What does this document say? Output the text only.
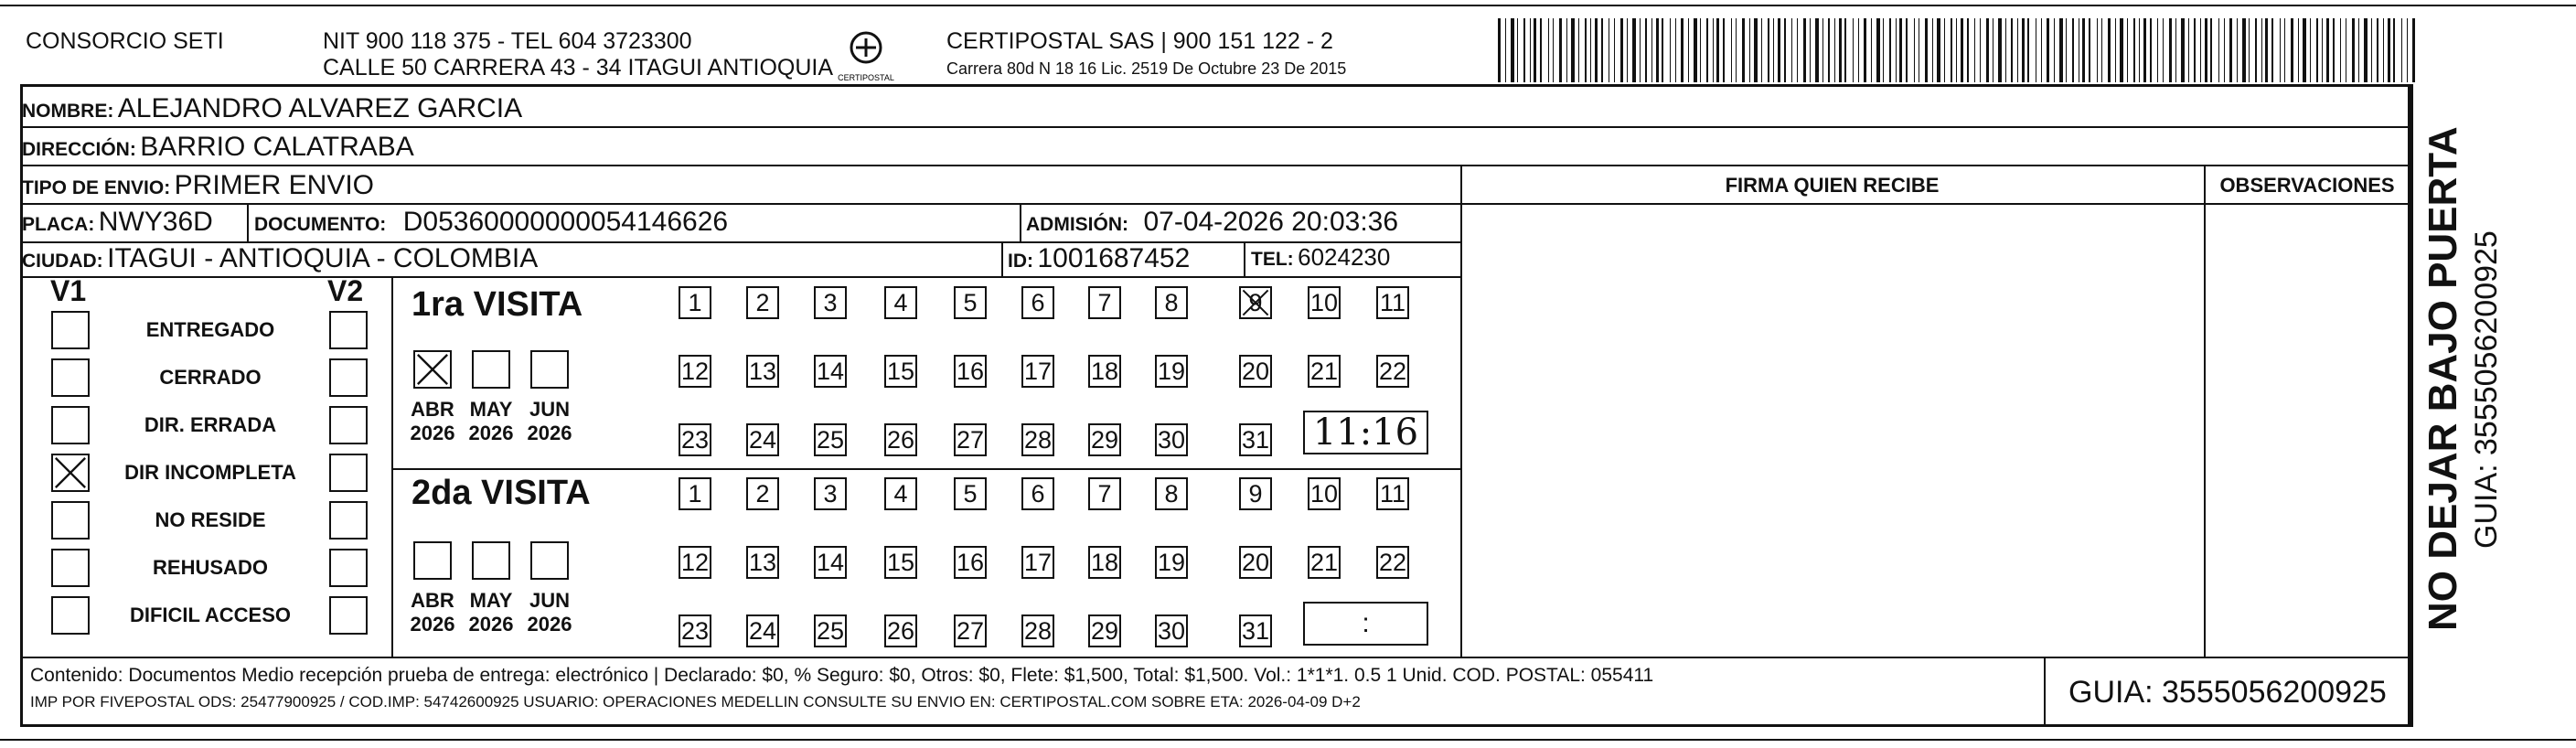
CONSORCIO SETI	NIT 900 118 375 - TEL 604 3723300
CALLE 50 CARRERA 43 - 34 ITAGUI ANTIOQUIA CERTIPOSTAL
CERTIPOSTAL SAS | 900 151 122 - 2
Carrera 80d N 18 16 Lic. 2519 De Octubre 23 De 2015
NOMBRE: ALEJANDRO ALVAREZ GARCIA
DIRECCIÓN: BARRIO CALATRABA
TIPO DE ENVIO: PRIMER ENVIO	FIRMA QUIEN RECIBE	OBSERVACIONES
PLACA: NWY36D DOCUMENTO: D05360000000054146626	ADMISIÓN: 07-04-2026 20:03:36
CIUDAD: ITAGUI - ANTIOQUIA - COLOMBIA	ID: 1001687452	TEL: 6024230
V1	V2
ENTREGADO
CERRADO
DIR. ERRADA
DIR INCOMPLETA
NO RESIDE
REHUSADO
DIFICIL ACCESO
1ra VISITA
ABR
2026
MAY
2026
JUN
2026
1	2	3	4	5	6	7	8	9	10 11
12 13 14 15 16 17 18 19 20 21 22
23 24 25 26 27 28 29 30 31 11:16
2da VISITA
ABR
2026
MAY
2026
JUN
2026
1	2	3	4	5	6	7	8	9	10 11
12 13 14 15 16 17 18 19 20 21 22
23 24 25 26 27 28 29 30 31	:
Contenido: Documentos Medio recepción prueba de entrega: electrónico | Declarado: $0, % Seguro: $0, Otros: $0, Flete: $1,500, Total: $1,500. Vol.: 1*1*1. 0.5 1 Unid. COD. POSTAL: 055411
IMP POR FIVEPOSTAL ODS: 25477900925 / COD.IMP: 54742600925 USUARIO: OPERACIONES MEDELLIN CONSULTE SU ENVIO EN: CERTIPOSTAL.COM SOBRE ETA: 2026-04-09 D+2	GUIA: 3555056200925
NO DEJAR BAJO PUERTA GUIA: 3555056200925
